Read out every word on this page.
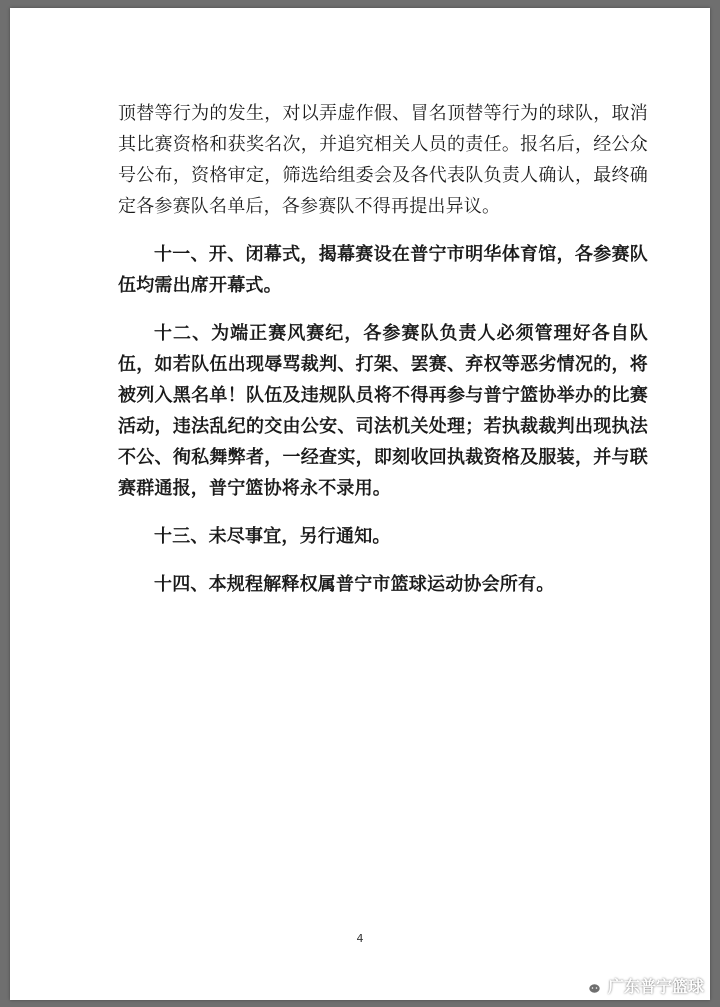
顶替等行为的发生，对以弄虚作假、冒名顶替等行为的球队，取消其比赛资格和获奖名次，并追究相关人员的责任。报名后，经公众号公布，资格审定，筛选给组委会及各代表队负责人确认，最终确定各参赛队名单后，各参赛队不得再提出异议。

十一、开、闭幕式，揭幕赛设在普宁市明华体育馆，各参赛队伍均需出席开幕式。

十二、为端正赛风赛纪，各参赛队负责人必须管理好各自队伍，如若队伍出现辱骂裁判、打架、罢赛、弃权等恶劣情况的，将被列入黑名单！队伍及违规队员将不得再参与普宁篮协举办的比赛活动，违法乱纪的交由公安、司法机关处理；若执裁裁判出现执法不公、徇私舞弊者，一经查实，即刻收回执裁资格及服装，并与联赛群通报，普宁篮协将永不录用。

十三、未尽事宜，另行通知。

十四、本规程解释权属普宁市篮球运动协会所有。

4
广东普宁篮球
